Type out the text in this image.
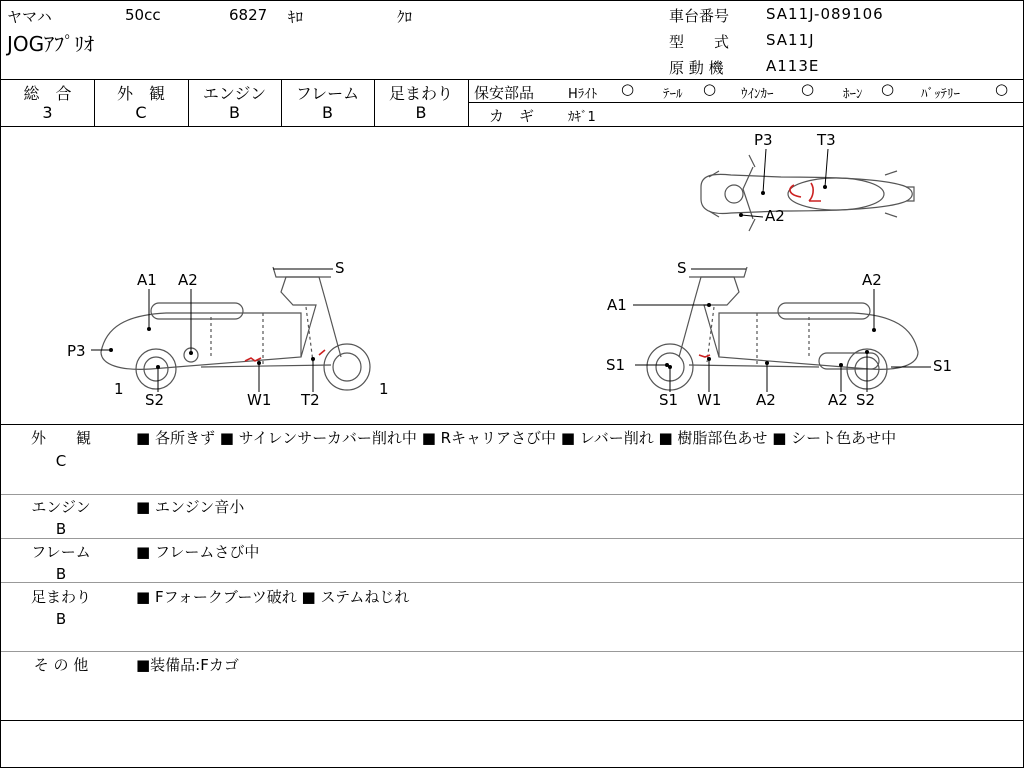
ヤマハ	50cc	6827 ｷﾛ	ｸﾛ
JOGｱﾌﾟﾘｵ
車台番号 SA11J-089106
型　　式 SA11J
原 動 機	A113E
総　合
3
外　観
C
エンジン
B
フレーム
B
足まわり
B
保安部品	Hﾗｲﾄ ○ ﾃｰﾙ ○ ｳｲﾝｶｰ ○ ﾎｰﾝ ○ ﾊﾞｯﾃﾘｰ ○
カ　ギ	ｶｷﾞ1
P3	T3
A2
A1 A2
S
P3
1
S2	W1 T2
1
S
A2
A1
S1	S1
S1 W1 A2	A2 S2
外　　観
C
■ 各所きず ■ サイレンサーカバー削れ中 ■ Rキャリアさび中 ■ レバー削れ ■ 樹脂部色あせ ■ シート色あせ中
エンジン
B
■ エンジン音小
フレーム
B
■ フレームさび中
足まわり
B
■ Fフォークブーツ破れ ■ ステムねじれ
そ の 他	■装備品:Fカゴ
